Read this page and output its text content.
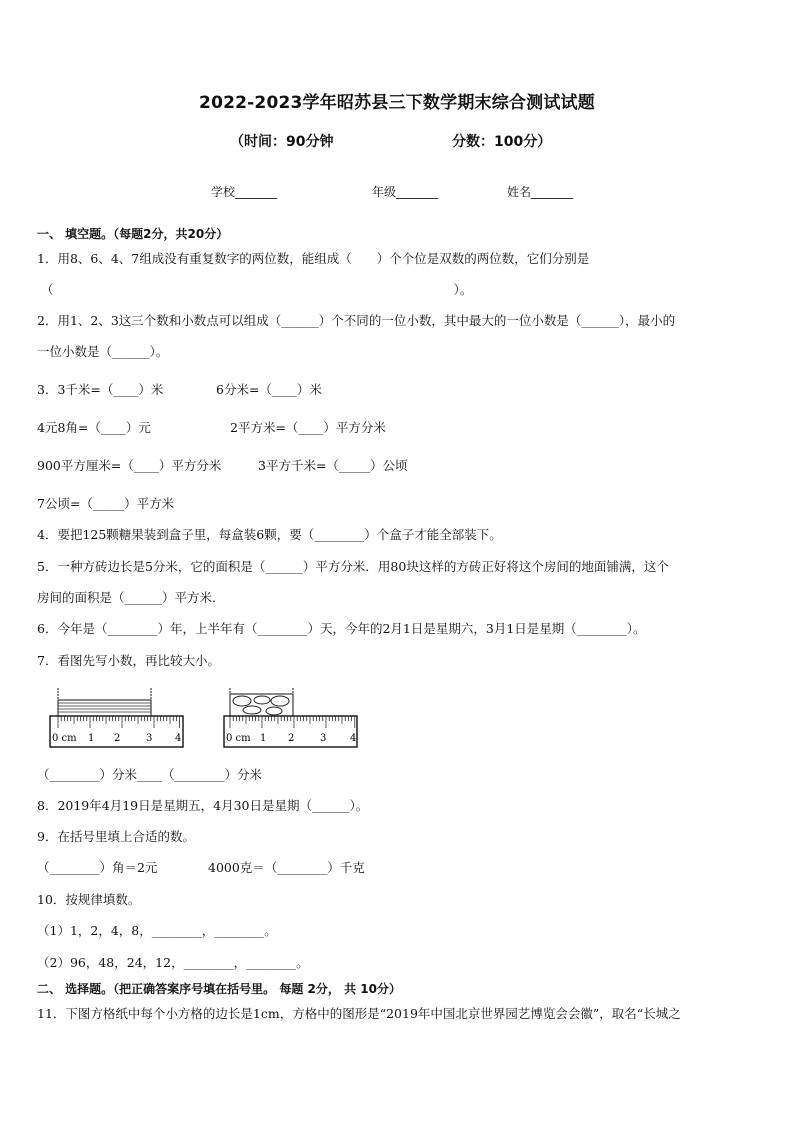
2022-2023学年昭苏县三下数学期末综合测试试题
（时间：90分钟	分数：100分）
学校_______	年级_______	姓名_______
一、 填空题。（每题2分，共20分）
1．用8、6、4、7组成没有重复数字的两位数，能组成（　　）个个位是双数的两位数，它们分别是
（　　　　　　　　　　　　　　　　　　　　　　　　　　　　　　　　）。
2．用1、2、3这三个数和小数点可以组成（______）个不同的一位小数，其中最大的一位小数是（______），最小的
一位小数是（______）。
3．3千米=（____）米	6分米=（____）米
4元8角=（____）元	2平方米=（____）平方分米
900平方厘米=（____）平方分米	3平方千米=（_____）公顷
7公顷=（_____）平方米
4．要把125颗糖果装到盒子里，每盒装6颗，要（________）个盒子才能全部装下。
5．一种方砖边长是5分米，它的面积是（______）平方分米．用80块这样的方砖正好将这个房间的地面铺满，这个
房间的面积是（______）平方米．
6．今年是（________）年，上半年有（________）天，今年的2月1日是星期六，3月1日是星期（________）。
7．看图先写小数，再比较大小。
0 cm 1 2	3 4	0 cm 1 2	3 4
（________）分米____（________）分米
8．2019年4月19日是星期五，4月30日是星期（______）。
9．在括号里填上合适的数。
（________）角＝2元	4000克＝（________）千克
10．按规律填数。
（1）1，2，4，8，________，________。
（2）96，48，24，12，________，________。
二、 选择题。（把正确答案序号填在括号里。 每题 2分， 共 10分）
11．下图方格纸中每个小方格的边长是1cm，方格中的图形是“2019年中国北京世界园艺博览会会徽”，取名“长城之
